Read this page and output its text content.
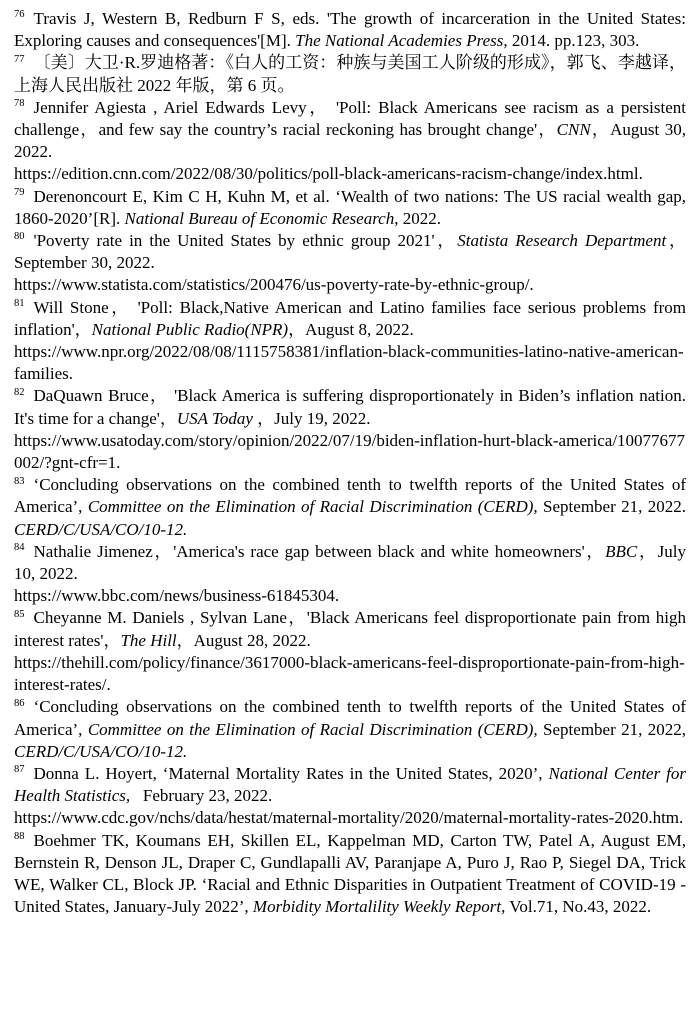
$^{76}$ Travis J, Western B, Redburn F S, eds. 'The growth of incarceration in the United States: Exploring causes and consequences'[M]. The National Academies Press, 2014. pp.123, 303.

$^{77}$ 〔美〕大卫·R.罗迪格著：《白人的工资：种族与美国工人阶级的形成》，郭飞、李越译，上海人民出版社 2022 年版，第 6 页。

$^{78}$ Jennifer Agiesta , Ariel Edwards Levy， 'Poll: Black Americans see racism as a persistent challenge，and few say the country’s racial reckoning has brought change'，CNN，August 30, 2022.
https://edition.cnn.com/2022/08/30/politics/poll-black-americans-racism-change/index.html.

$^{79}$ Derenoncourt E, Kim C H, Kuhn M, et al. ‘Wealth of two nations: The US racial wealth gap, 1860-2020’[R]. National Bureau of Economic Research, 2022.

$^{80}$ 'Poverty rate in the United States by ethnic group 2021'，Statista Research Department，September 30, 2022.
https://www.statista.com/statistics/200476/us-poverty-rate-by-ethnic-group/.

$^{81}$ Will Stone， 'Poll: Black,Native American and Latino families face serious problems from inflation'，National Public Radio(NPR)，August 8, 2022.
https://www.npr.org/2022/08/08/1115758381/inflation-black-communities-latino-native-american-families.

$^{82}$ DaQuawn Bruce， 'Black America is suffering disproportionately in Biden’s inflation nation. It's time for a change'，USA Today ，July 19, 2022.
https://www.usatoday.com/story/opinion/2022/07/19/biden-inflation-hurt-black-america/10077677002/?gnt-cfr=1.

$^{83}$ ‘Concluding observations on the combined tenth to twelfth reports of the United States of America’, Committee on the Elimination of Racial Discrimination (CERD), September 21, 2022. CERD/C/USA/CO/10-12.

$^{84}$ Nathalie Jimenez，'America's race gap between black and white homeowners'，BBC，July 10, 2022.
https://www.bbc.com/news/business-61845304.

$^{85}$ Cheyanne M. Daniels , Sylvan Lane，'Black Americans feel disproportionate pain from high interest rates'，The Hill，August 28, 2022.
https://thehill.com/policy/finance/3617000-black-americans-feel-disproportionate-pain-from-high-interest-rates/.

$^{86}$ ‘Concluding observations on the combined tenth to twelfth reports of the United States of America’, Committee on the Elimination of Racial Discrimination (CERD), September 21, 2022, CERD/C/USA/CO/10-12.

$^{87}$ Donna L. Hoyert, ‘Maternal Mortality Rates in the United States, 2020’, National Center for Health Statistics,   February 23, 2022.
https://www.cdc.gov/nchs/data/hestat/maternal-mortality/2020/maternal-mortality-rates-2020.htm.

$^{88}$ Boehmer TK, Koumans EH, Skillen EL, Kappelman MD, Carton TW, Patel A, August EM, Bernstein R, Denson JL, Draper C, Gundlapalli AV, Paranjape A, Puro J, Rao P, Siegel DA, Trick WE, Walker CL, Block JP. ‘Racial and Ethnic Disparities in Outpatient Treatment of COVID-19 - United States, January-July 2022’, Morbidity Mortalility Weekly Report, Vol.71, No.43, 2022.
